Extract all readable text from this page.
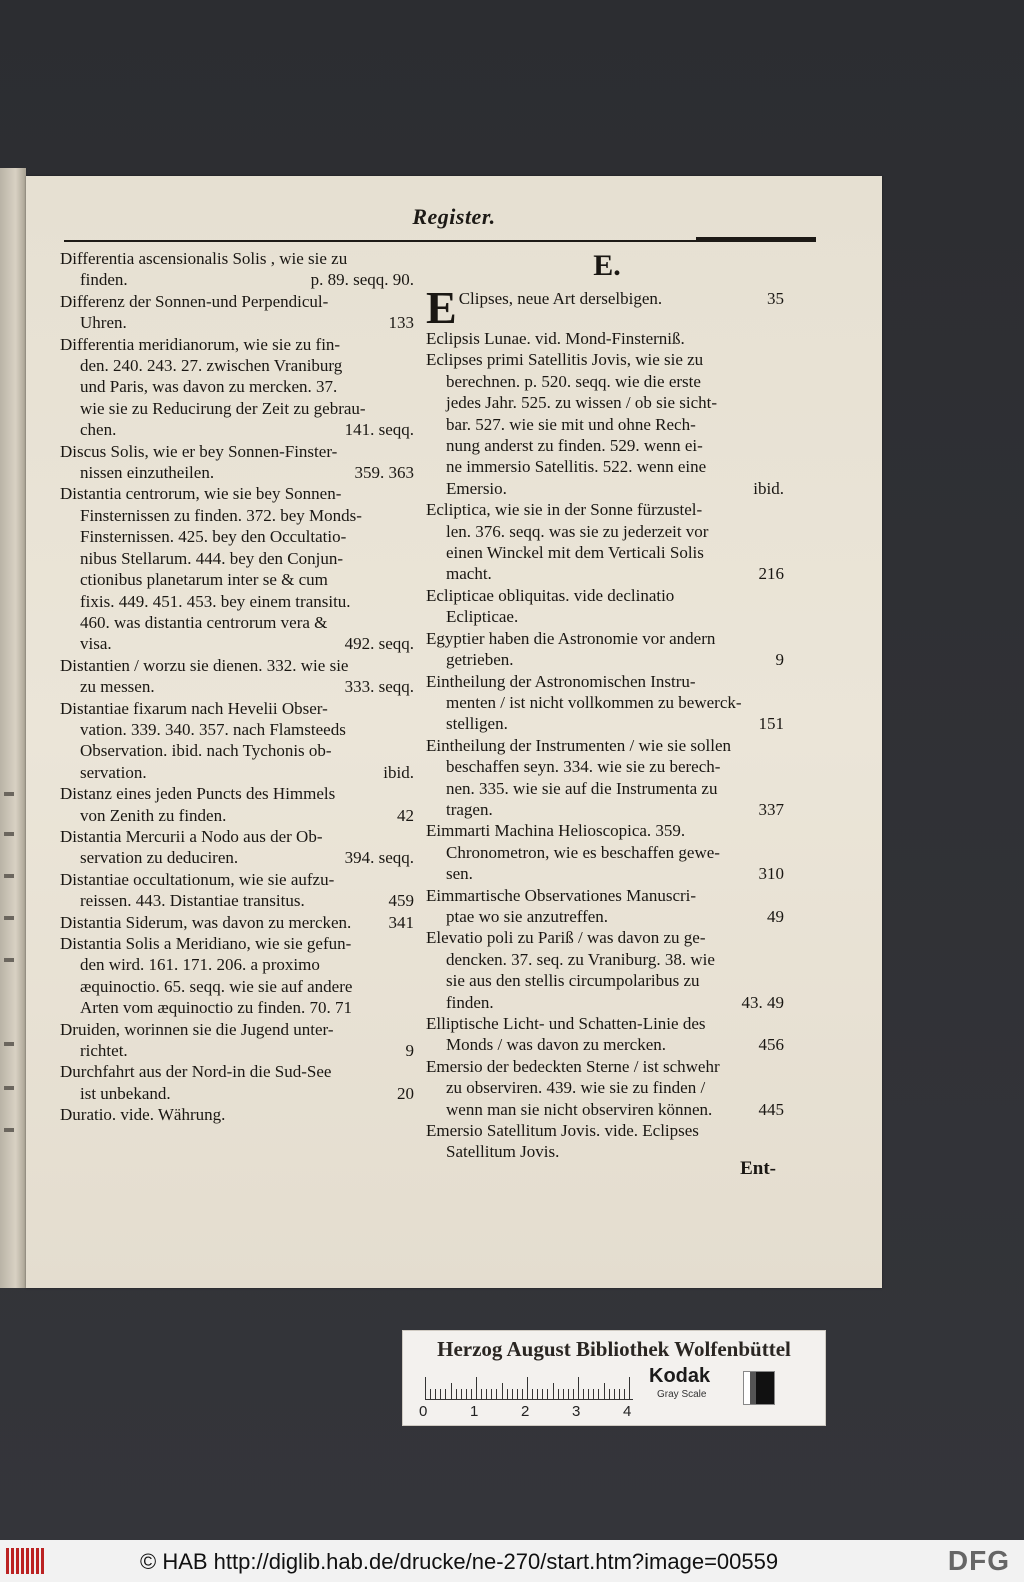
Register.
Differentia ascensionalis Solis , wie sie zu
finden.	p. 89. seqq. 90.
Differenz der Sonnen-und Perpendicul-
Uhren.	133
Differentia meridianorum, wie sie zu fin-
den. 240. 243. 27. zwischen Vraniburg
und Paris, was davon zu mercken. 37.
wie sie zu Reducirung der Zeit zu gebrau-
chen.	141. seqq.
Discus Solis, wie er bey Sonnen-Finster-
nissen einzutheilen.	359. 363
Distantia centrorum, wie sie bey Sonnen-
Finsternissen zu finden. 372. bey Monds-
Finsternissen. 425. bey den Occultatio-
nibus Stellarum. 444. bey den Conjun-
ctionibus planetarum inter se & cum
fixis. 449. 451. 453. bey einem transitu.
460. was distantia centrorum vera &
visa.	492. seqq.
Distantien / worzu sie dienen. 332. wie sie
zu messen.	333. seqq.
Distantiae fixarum nach Hevelii Obser-
vation. 339. 340. 357. nach Flamsteeds
Observation. ibid. nach Tychonis ob-
servation.	ibid.
Distanz eines jeden Puncts des Himmels
von Zenith zu finden.	42
Distantia Mercurii a Nodo aus der Ob-
servation zu deduciren.	394. seqq.
Distantiae occultationum, wie sie aufzu-
reissen. 443. Distantiae transitus.	459
Distantia Siderum, was davon zu mercken. 341
Distantia Solis a Meridiano, wie sie gefun-
den wird. 161. 171. 206. a proximo
æquinoctio. 65. seqq. wie sie auf andere
Arten vom æquinoctio zu finden. 70. 71
Druiden, worinnen sie die Jugend unter-
richtet.	9
Durchfahrt aus der Nord-in die Sud-See
ist unbekand.	20
Duratio. vide. Währung.
E.
E Clipses, neue Art derselbigen.	35
Eclipsis Lunae. vid. Mond-Finsterniß.
Eclipses primi Satellitis Jovis, wie sie zu
berechnen. p. 520. seqq. wie die erste
jedes Jahr. 525. zu wissen / ob sie sicht-
bar. 527. wie sie mit und ohne Rech-
nung anderst zu finden. 529. wenn ei-
ne immersio Satellitis. 522. wenn eine
Emersio.	ibid.
Ecliptica, wie sie in der Sonne fürzustel-
len. 376. seqq. was sie zu jederzeit vor
einen Winckel mit dem Verticali Solis
macht.	216
Eclipticae obliquitas. vide declinatio
Eclipticae.
Egyptier haben die Astronomie vor andern
getrieben.	9
Eintheilung der Astronomischen Instru-
menten / ist nicht vollkommen zu bewerck-
stelligen.	151
Eintheilung der Instrumenten / wie sie sollen
beschaffen seyn. 334. wie sie zu berech-
nen. 335. wie sie auf die Instrumenta zu
tragen.	337
Eimmarti Machina Helioscopica. 359.
Chronometron, wie es beschaffen gewe-
sen.	310
Eimmartische Observationes Manuscri-
ptae wo sie anzutreffen.	49
Elevatio poli zu Pariß / was davon zu ge-
dencken. 37. seq. zu Vraniburg. 38. wie
sie aus den stellis circumpolaribus zu
finden.	43. 49
Elliptische Licht- und Schatten-Linie des
Monds / was davon zu mercken.	456
Emersio der bedeckten Sterne / ist schwehr
zu observiren. 439. wie sie zu finden /
wenn man sie nicht observiren können.	445
Emersio Satellitum Jovis. vide. Eclipses
Satellitum Jovis.
Ent-
Herzog August Bibliothek Wolfenbüttel
0	1	2	3	4
Kodak
Gray Scale
© HAB http://diglib.hab.de/drucke/ne-270/start.htm?image=00559	DFG
